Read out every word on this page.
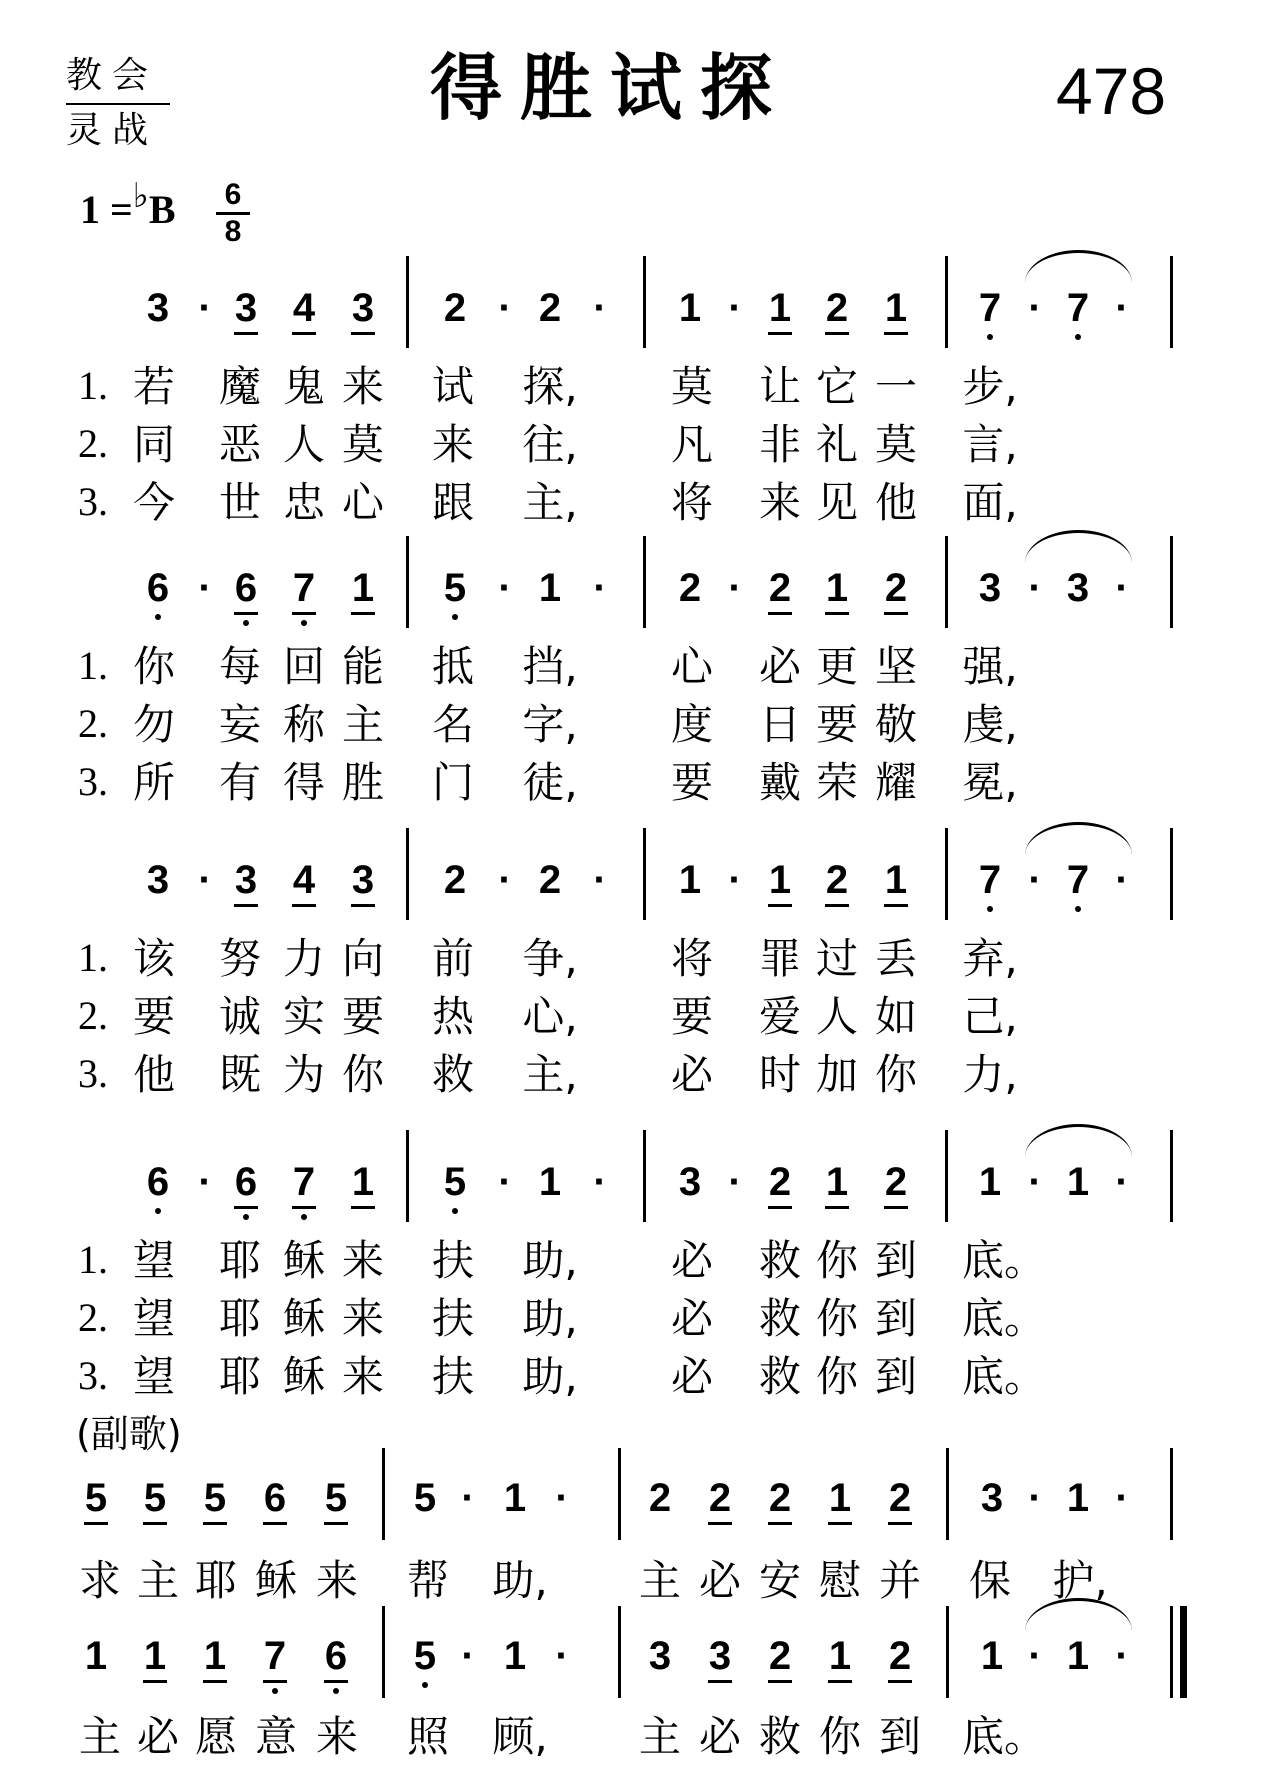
教会
灵战
得胜试探	478
1 =♭B 6
8
3 · 3 4 3 2 · 2 ·	1 · 1 2 1 7 · 7 ·
1. 若 魔 鬼 来 试 探, 莫 让 它 一 步,
2. 同 恶 人 莫 来 往, 凡 非 礼 莫 言,
3. 今 世 忠 心 跟 主, 将 来 见 他 面,
6 · 6 7 1 5 · 1 ·	2 · 2 1 2 3 · 3 ·
1. 你 每 回 能 抵 挡, 心 必 更 坚 强,
2. 勿 妄 称 主 名 字, 度 日 要 敬 虔,
3. 所 有 得 胜 门 徒, 要 戴 荣 耀 冕,
3 · 3 4 3 2 · 2 ·	1 · 1 2 1 7 · 7 ·
1. 该 努 力 向 前 争, 将 罪 过 丢 弃,
2. 要 诚 实 要 热 心, 要 爱 人 如 己,
3. 他 既 为 你 救 主, 必 时 加 你 力,
6 · 6 7 1 5 · 1 ·	3 · 2 1 2 1 · 1 ·
1. 望 耶 稣 来 扶 助, 必 救 你 到 底。
2. 望 耶 稣 来 扶 助, 必 救 你 到 底。
3. 望 耶 稣 来 扶 助, 必 救 你 到 底。
(副歌)
5 5 5 6 5 5 · 1 ·	2 2 2 1 2 3 · 1 ·
求 主 耶 稣 来 帮 助, 主 必 安 慰 并 保 护,
1 1 1 7 6 5 · 1 ·	3 3 2 1 2 1 · 1 ·
主 必 愿 意 来 照 顾, 主 必 救 你 到 底。
